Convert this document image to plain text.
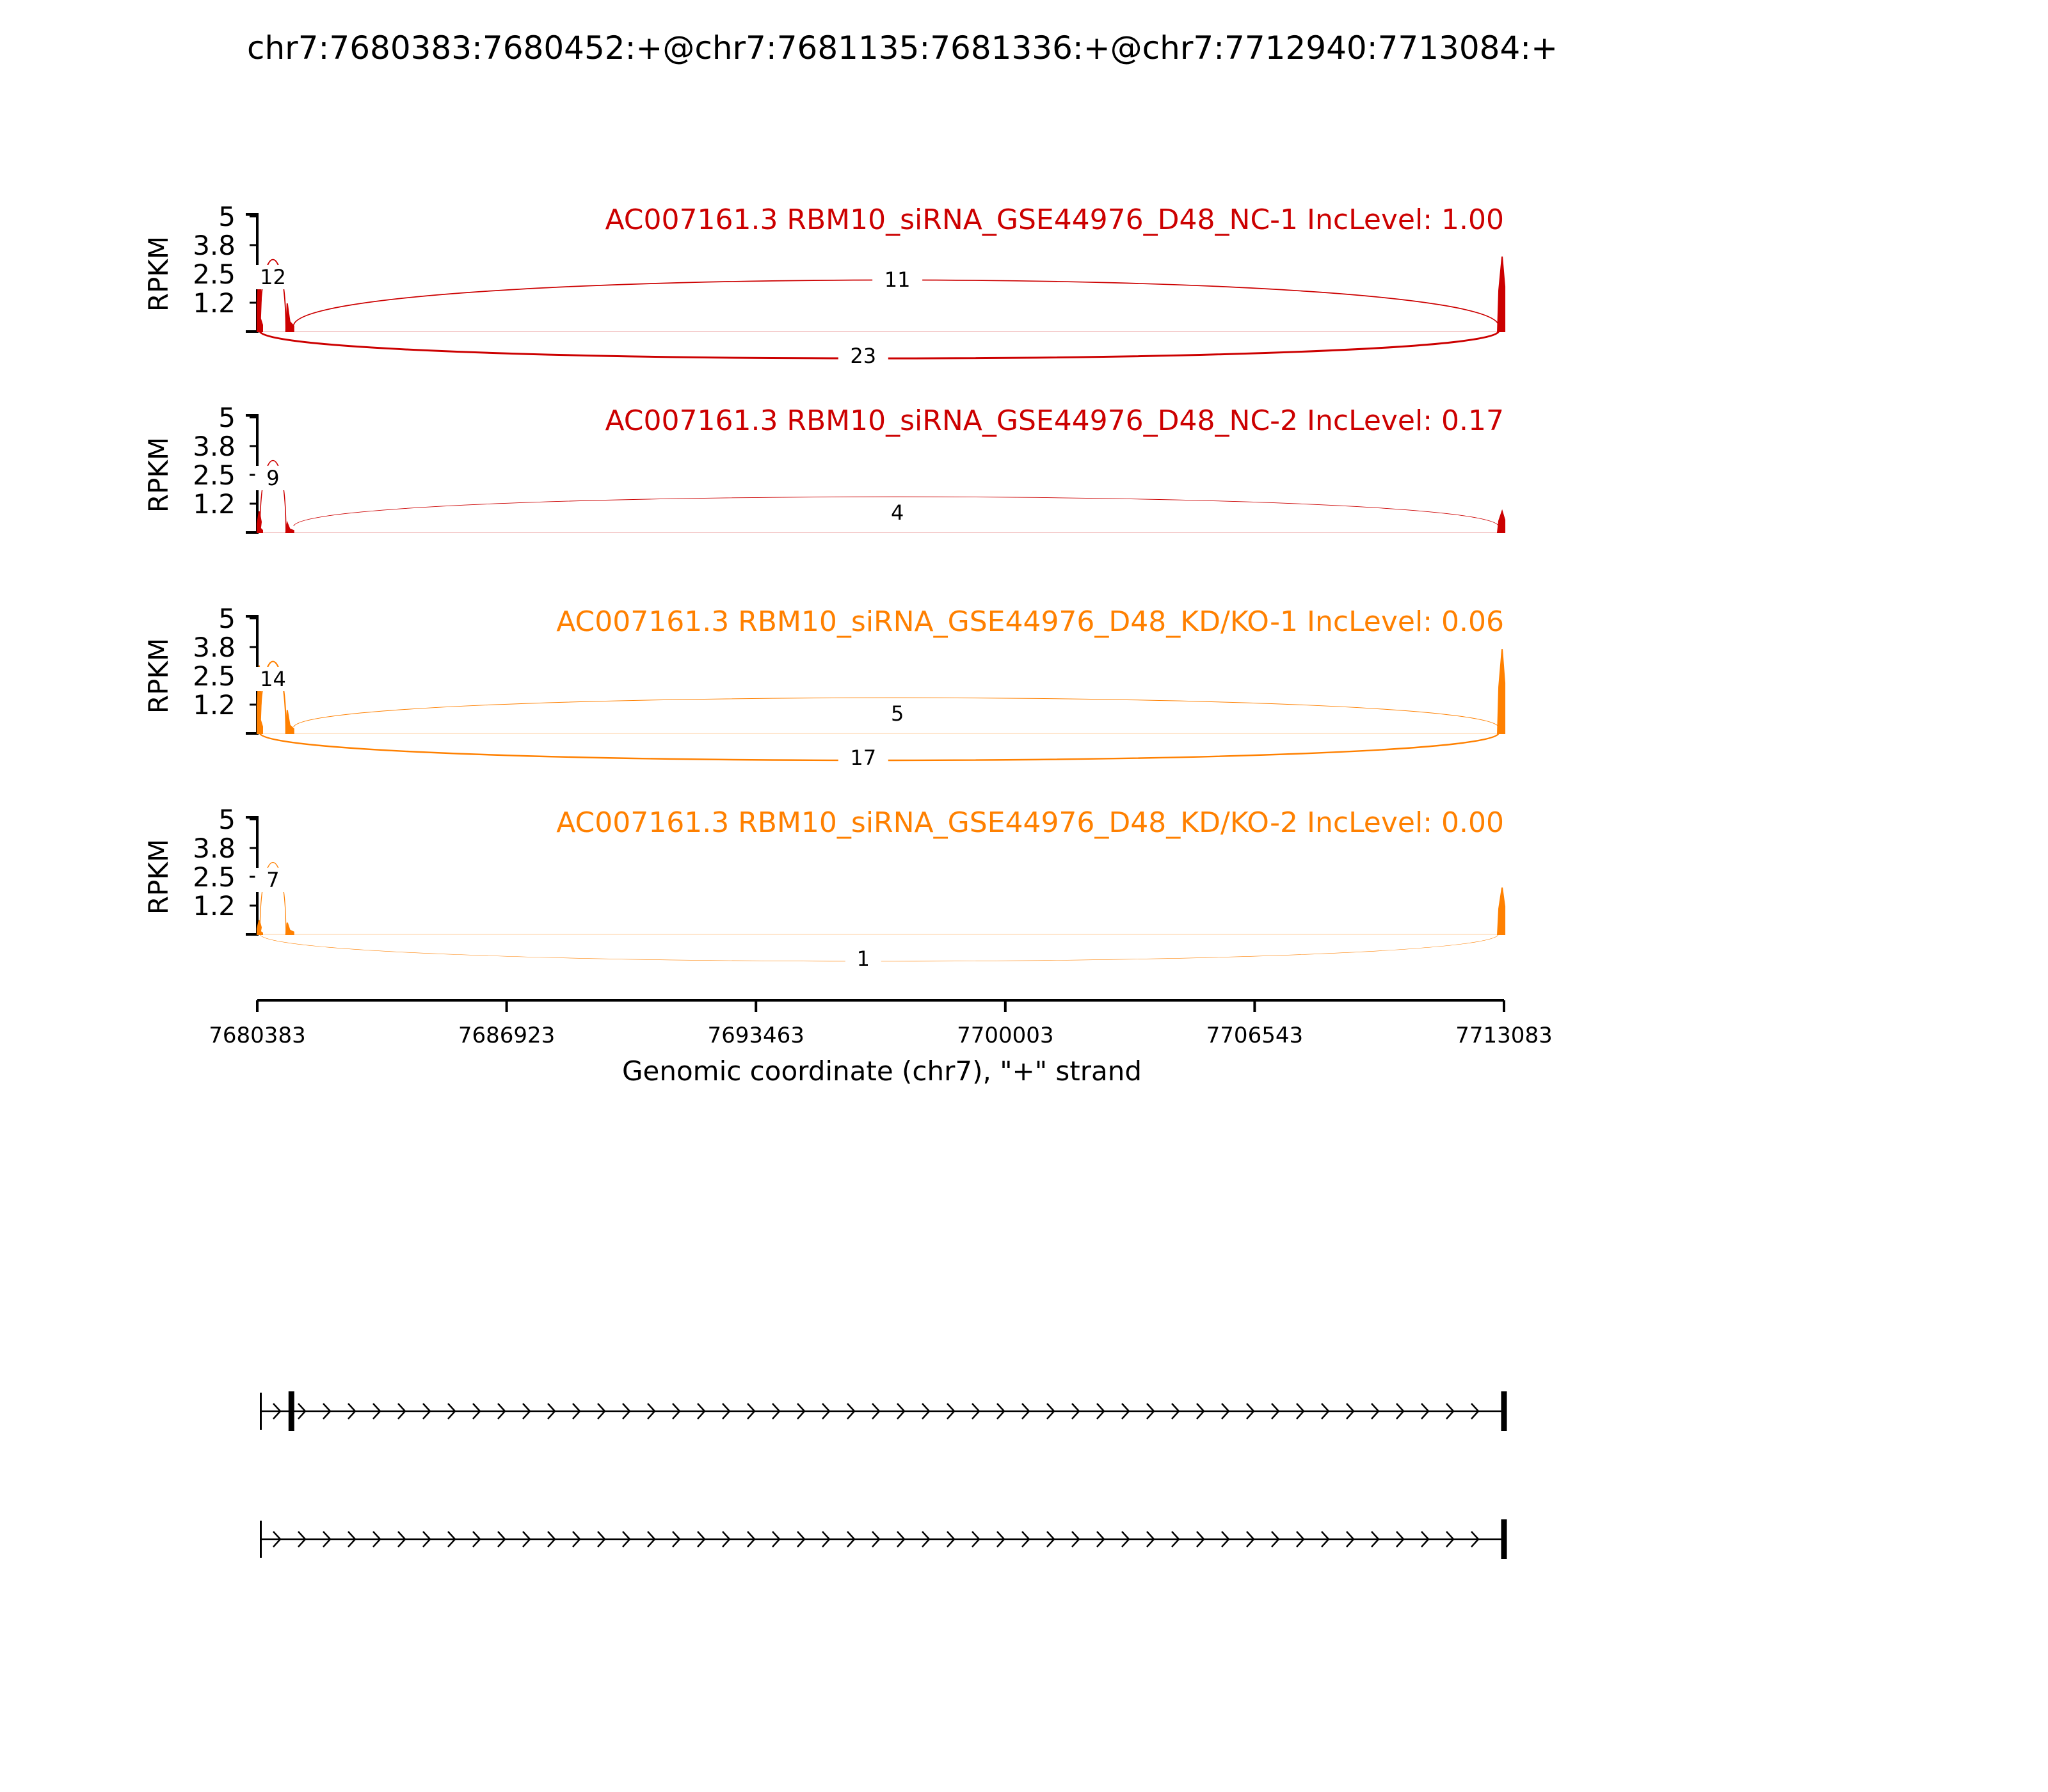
chr7:7680383:7680452:+@chr7:7681135:7681336:+@chr7:7712940:7713084:+
5
3.8
2.5
1.2
RPKM
AC007161.3 RBM10_siRNA_GSE44976_D48_NC-1 IncLevel: 1.00
12	11
23
5
3.8
2.5
1.2
RPKM
AC007161.3 RBM10_siRNA_GSE44976_D48_NC-2 IncLevel: 0.17
9
4
5
3.8
2.5
1.2
RPKM
AC007161.3 RBM10_siRNA_GSE44976_D48_KD/KO-1 IncLevel: 0.06
14
5
17
5
3.8
2.5
1.2
RPKM
AC007161.3 RBM10_siRNA_GSE44976_D48_KD/KO-2 IncLevel: 0.00
7
1
Genomic coordinate (chr7), "+" strand
7680383	7686923	7693463	7700003	7706543	7713083
